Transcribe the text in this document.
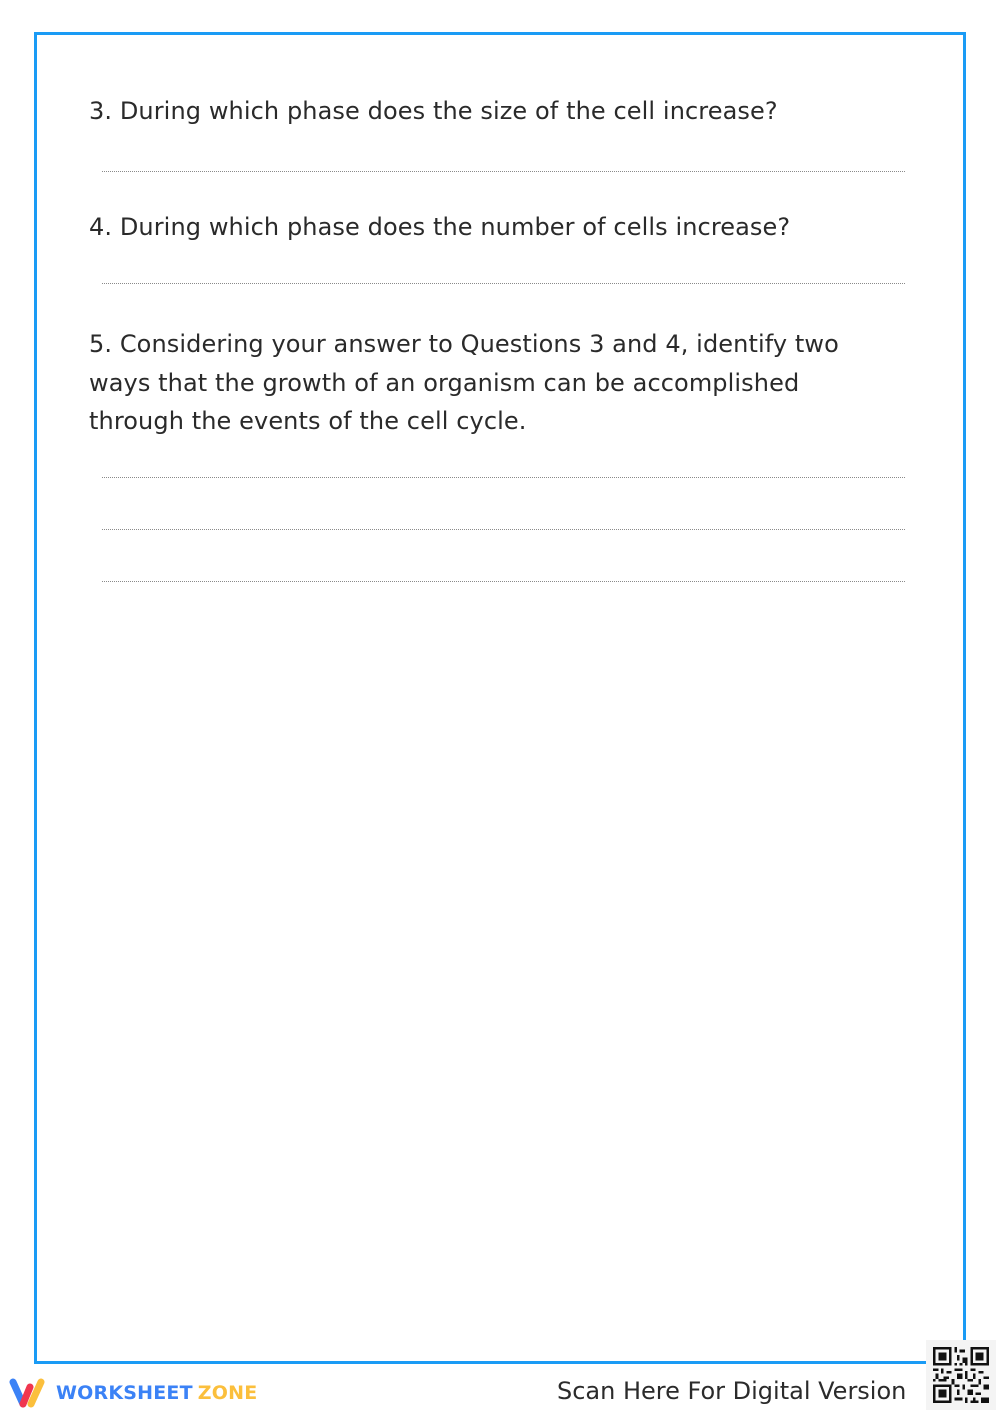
3. During which phase does the size of the cell increase?
4. During which phase does the number of cells increase?
5. Considering your answer to Questions 3 and 4, identify two ways that the growth of an organism can be accomplished through the events of the cell cycle.
WORKSHEET ZONE	Scan Here For Digital Version
